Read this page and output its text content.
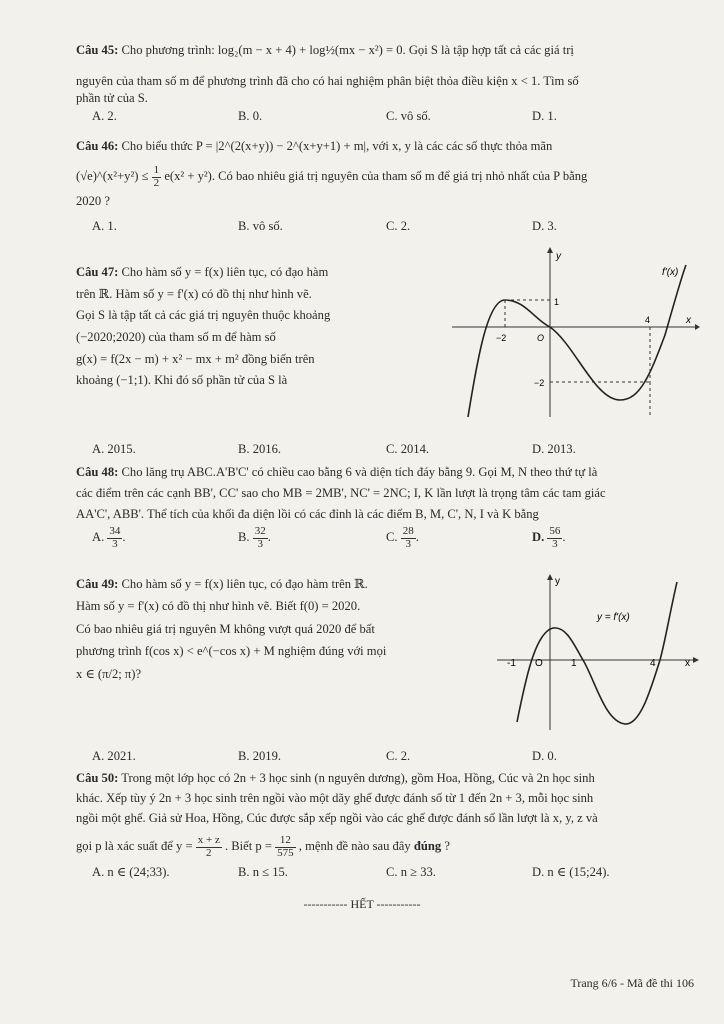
Câu 45: Cho phương trình: log₂(m − x + 4) + log½(mx − x²) = 0. Gọi S là tập hợp tất cả các giá trị
nguyên của tham số m để phương trình đã cho có hai nghiệm phân biệt thỏa điều kiện x < 1. Tìm số
phần tử của S.
A. 2.	B. 0.	C. vô số.	D. 1.
Câu 46: Cho biểu thức P = |2^(2(x+y)) − 2^(x+y+1) + m|, với x, y là các các số thực thỏa mãn
(√e)^(x²+y²) ≤ $\frac{1}{2} e(x^2 + y^2)$. Có bao nhiêu giá trị nguyên của tham số m để giá trị nhỏ nhất của P bằng
2020 ?
A. 1.	B. vô số.	C. 2.	D. 3.
Câu 47: Cho hàm số y = f(x) liên tục, có đạo hàm
trên ℝ. Hàm số y = f'(x) có đồ thị như hình vẽ.
Gọi S là tập tất cả các giá trị nguyên thuộc khoảng
(−2020;2020) của tham số m để hàm số
g(x) = f(2x − m) + x² − mx + m² đồng biến trên
khoảng (−1;1). Khi đó số phần tử của S là
y
x
f'(x)
−2	O
4
1
−2
A. 2015.	B. 2016.	C. 2014.	D. 2013.
Câu 48: Cho lăng trụ ABC.A'B'C' có chiều cao bằng 6 và diện tích đáy bằng 9. Gọi M, N theo thứ tự là
các điểm trên các cạnh BB', CC' sao cho MB = 2MB', NC' = 2NC; I, K lần lượt là trọng tâm các tam giác
AA'C', ABB'. Thể tích của khối đa diện lồi có các đỉnh là các điểm B, M, C', N, I và K bằng
A. $\frac{34}{3}$ .	B. $\frac{32}{3}$ .	C. $\frac{28}{3}$ .	D. $\frac{56}{3}$ .
Câu 49: Cho hàm số y = f(x) liên tục, có đạo hàm trên ℝ.
Hàm số y = f'(x) có đồ thị như hình vẽ. Biết f(0) = 2020.
Có bao nhiêu giá trị nguyên M không vượt quá 2020 để bất
phương trình f(cos x) < e^(−cos x) + M nghiệm đúng với mọi
x ∈ (π/2; π)?
y
x
y = f'(x)
-1 O	1	4
A. 2021.	B. 2019.	C. 2.	D. 0.
Câu 50: Trong một lớp học có 2n + 3 học sinh (n nguyên dương), gồm Hoa, Hồng, Cúc và 2n học sinh
khác. Xếp tùy ý 2n + 3 học sinh trên ngồi vào một dãy ghế được đánh số từ 1 đến 2n + 3, mỗi học sinh
ngồi một ghế. Giả sử Hoa, Hồng, Cúc được sắp xếp ngồi vào các ghế được đánh số lần lượt là x, y, z và
gọi p là xác suất để $y = \frac{x + z}{2}$ . Biết $p = \frac{12}{575}$ , mệnh đề nào sau đây đúng ?
A. n ∈ (24;33).	B. n ≤ 15.	C. n ≥ 33.	D. n ∈ (15;24).
----------- HẾT -----------
Trang 6/6 - Mã đề thi 106
